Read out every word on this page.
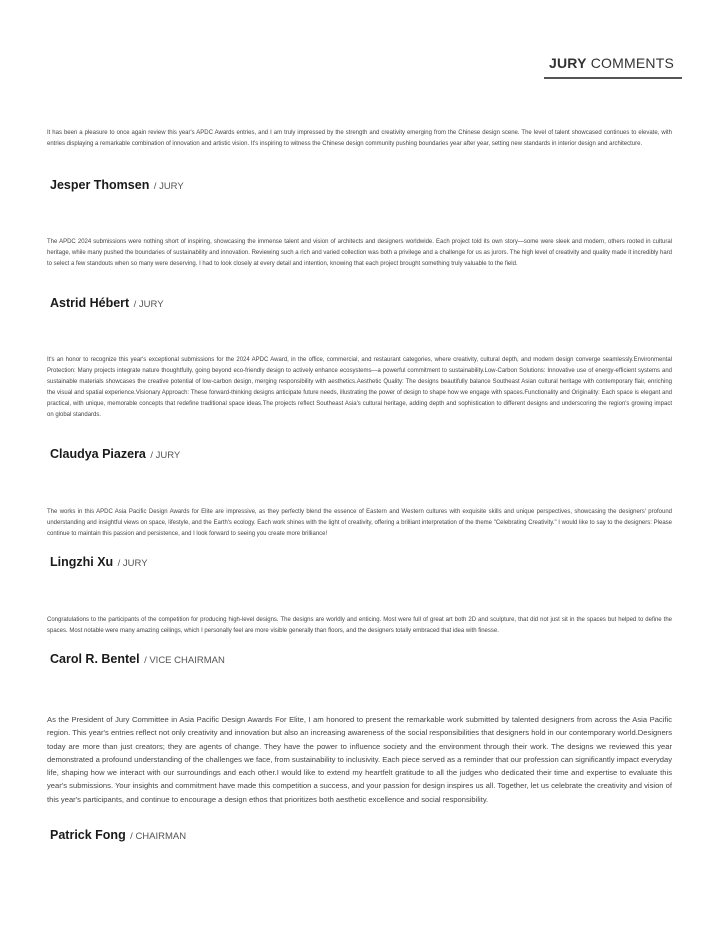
JURY COMMENTS

It has been a pleasure to once again review this year's APDC Awards entries, and I am truly impressed by the strength and creativity emerging from the Chinese design scene. The level of talent showcased continues to elevate, with entries displaying a remarkable combination of innovation and artistic vision. It's inspiring to witness the Chinese design community pushing boundaries year after year, setting new standards in interior design and architecture.

Jesper Thomsen / JURY

The APDC 2024 submissions were nothing short of inspiring, showcasing the immense talent and vision of architects and designers worldwide. Each project told its own story—some were sleek and modern, others rooted in cultural heritage, while many pushed the boundaries of sustainability and innovation. Reviewing such a rich and varied collection was both a privilege and a challenge for us as jurors. The high level of creativity and quality made it incredibly hard to select a few standouts when so many were deserving. I had to look closely at every detail and intention, knowing that each project brought something truly valuable to the field.

Astrid Hébert / JURY

It's an honor to recognize this year's exceptional submissions for the 2024 APDC Award, in the office, commercial, and restaurant categories, where creativity, cultural depth, and modern design converge seamlessly.Environmental Protection: Many projects integrate nature thoughtfully, going beyond eco-friendly design to actively enhance ecosystems—a powerful commitment to sustainability.Low-Carbon Solutions: Innovative use of energy-efficient systems and sustainable materials showcases the creative potential of low-carbon design, merging responsibility with aesthetics.Aesthetic Quality: The designs beautifully balance Southeast Asian cultural heritage with contemporary flair, enriching the visual and spatial experience.Visionary Approach: These forward-thinking designs anticipate future needs, illustrating the power of design to shape how we engage with spaces.Functionality and Originality: Each space is elegant and practical, with unique, memorable concepts that redefine traditional space ideas.The projects reflect Southeast Asia's cultural heritage, adding depth and sophistication to different designs and underscoring the region's growing impact on global standards.

Claudya Piazera / JURY

The works in this APDC Asia Pacific Design Awards for Elite are impressive, as they perfectly blend the essence of Eastern and Western cultures with exquisite skills and unique perspectives, showcasing the designers' profound understanding and insightful views on space, lifestyle, and the Earth's ecology. Each work shines with the light of creativity, offering a brilliant interpretation of the theme "Celebrating Creativity." I would like to say to the designers: Please continue to maintain this passion and persistence, and I look forward to seeing you create more brilliance!

Lingzhi Xu / JURY

Congratulations to the participants of the competition for producing high-level designs. The designs are worldly and enticing. Most were full of great art both 2D and sculpture, that did not just sit in the spaces but helped to define the spaces. Most notable were many amazing ceilings, which I personally feel are more visible generally than floors, and the designers totally embraced that idea with finesse.

Carol R. Bentel / VICE CHAIRMAN

As the President of Jury Committee in Asia Pacific Design Awards For Elite, I am honored to present the remarkable work submitted by talented designers from across the Asia Pacific region. This year's entries reflect not only creativity and innovation but also an increasing awareness of the social responsibilities that designers hold in our contemporary world.Designers today are more than just creators; they are agents of change. They have the power to influence society and the environment through their work. The designs we reviewed this year demonstrated a profound understanding of the challenges we face, from sustainability to inclusivity. Each piece served as a reminder that our profession can significantly impact everyday life, shaping how we interact with our surroundings and each other.I would like to extend my heartfelt gratitude to all the judges who dedicated their time and expertise to evaluate this year's submissions. Your insights and commitment have made this competition a success, and your passion for design inspires us all. Together, let us celebrate the creativity and vision of this year's participants, and continue to encourage a design ethos that prioritizes both aesthetic excellence and social responsibility.

Patrick Fong / CHAIRMAN
